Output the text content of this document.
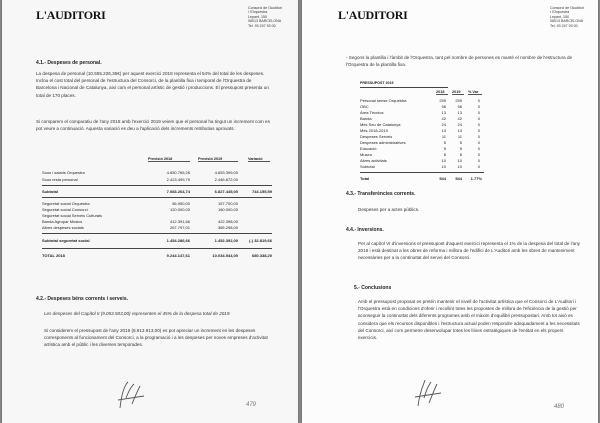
L'AUDITORI	Consorci de l'Auditori
i l'Orquestra
Lepant, 150
08013 BARCELONA
Tel. 93 247 93 00
4.1.- Despeses de personal.
La despesa de personal (10.555.226,36€) per aquest exercici 2018 representa el 54% del total de les despeses. Inclou el cost total del personal de l'estructura del Consorci, de la plantilla fixa i temporal de l'Orquestra de Barcelona i Nacional de Catalunya, així com el personal artístic de gestió i produccions. El pressupost presenta un total de 170 places.
Si comparem el comparatiu de l'any 2018 amb l'exercici 2019 veiem que el personal ha tingut un increment com es pot veure a continuació. Aquesta variació es deu a l'aplicació dels increments retributius aprovats.
Previsió 2018	Previsió 2019	Variació
Sous i salaris Orquestra	4.650.765,26	4.653.399,00
Sous resta personal	2.423.499,79	2.446.872,00
Subtotal	7.083.264,74	6.827.445,00	744.155,59
Seguretat social Orquestra	56.950,00	157.700,00
Seguretat social Consorci	120.000,00	160.000,00
Seguretat social Serveis Culturals
Banda Agrupar Músics	412.391,66	422.398,00
Altres despeses socials	267.797,01	365.298,00
Subtotal seguretat social	1.454.286,66	1.452.392,00	(-) 32.819,66
TOTAL 2018	9.244.147,61	10.034.544,00	680.338,20
4.2.- Despeses béns corrents i serveis.
Les despeses del Capítol II (9.053.503,00) representen el 45% de la despesa total de 2019.
Si considerem el pressupost de l'any 2019 (8.913.913,00) es pot apreciar un increment en les despeses corresponents al funcionament del Consorci, a la programació i a les despeses per noves empreses d'activitat artística amb el públic i les diverses temporades.
479
L'AUDITORI	Consorci de l'Auditori
i l'Orquestra
Lepant, 150
08013 BARCELONA
Tel. 93 247 93 00
- Segons la plantilla i l'àmbit de l'Orquestra, tant pel nombre de persones es manté el nombre de l'estructura de l'Orquestra de la plantilla fixa.
PRESSUPOST 2019
2018	2019	% Var
Personal sense Orquestra	255	255	0
OBC	96	96	0
Àrea Tècnica	13	13	0
Banda	42	42	0
Més Seu de Catalunya	24	24	0
Més 2018-2019	13	13	0
Despeses Serveis	11	11	0
Despeses administratives	5	5	0
Educació	5	5	0
Museu	8	8	0
Altres activitats	10	10	0
Subtotal	10	10	0
Total	544	544	1.77%
4.3.- Transferències corrents.
Despeses per a actes públics.
4.4.- Inversions.
Per al capítol VI d'inversions el pressupost d'aquest exercici representa el 1% de la despesa del total de l'any 2019 i està destinat a les obres de reforma i millora de l'edifici de L'Auditori amb les obres de manteniment necessàries per a la continuïtat del servei del Consorci.
5.- Conclusions
Amb el pressupost proposat es pretén mantenir el nivell de l'activitat artística que el Consorci de L'Auditori i l'Orquestra està en condicions d'oferir i recollint totes les propostes de millora de l'eficiència de la gestió per aconseguir la continuïtat dels diferents programes amb el màxim d'equilibri pressupostari. Amb tot això es considera que els recursos disponibles i l'estructura actual poden respondre adequadament a les necessitats del Consorci, així com permetre desenvolupar totes les línies estratègiques de l'entitat en els propers exercicis.
480
